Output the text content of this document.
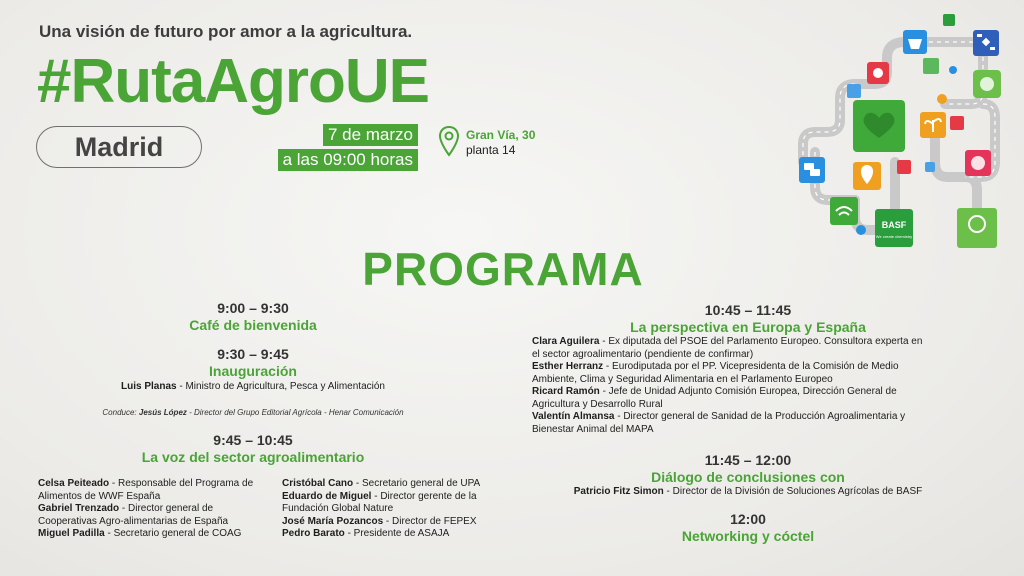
Una visión de futuro por amor a la agricultura.
#RutaAgroUE
Madrid	7 de marzo
a las 09:00 horas
Gran Vía, 30
planta 14
BASF
We create chemistry
PROGRAMA
9:00 – 9:30
Café de bienvenida
9:30 – 9:45
Inauguración
Luis Planas - Ministro de Agricultura, Pesca y Alimentación
Conduce: Jesús López - Director del Grupo Editorial Agrícola - Henar Comunicación
9:45 – 10:45
La voz del sector agroalimentario
Celsa Peiteado - Responsable del Programa de Alimentos de WWF España
Gabriel Trenzado - Director general de Cooperativas Agro-alimentarias de España
Miguel Padilla - Secretario general de COAG
Cristóbal Cano - Secretario general de UPA
Eduardo de Miguel - Director gerente de la Fundación Global Nature
José María Pozancos - Director de FEPEX
Pedro Barato - Presidente de ASAJA
10:45 – 11:45
La perspectiva en Europa y España
Clara Aguilera - Ex diputada del PSOE del Parlamento Europeo. Consultora experta en el sector agroalimentario (pendiente de confirmar)
Esther Herranz - Eurodiputada por el PP. Vicepresidenta de la Comisión de Medio Ambiente, Clima y Seguridad Alimentaria en el Parlamento Europeo
Ricard Ramón - Jefe de Unidad Adjunto Comisión Europea, Dirección General de Agricultura y Desarrollo Rural
Valentín Almansa - Director general de Sanidad de la Producción Agroalimentaria y Bienestar Animal del MAPA
11:45 – 12:00
Diálogo de conclusiones con
Patricio Fitz Simon - Director de la División de Soluciones Agrícolas de BASF
12:00
Networking y cóctel
